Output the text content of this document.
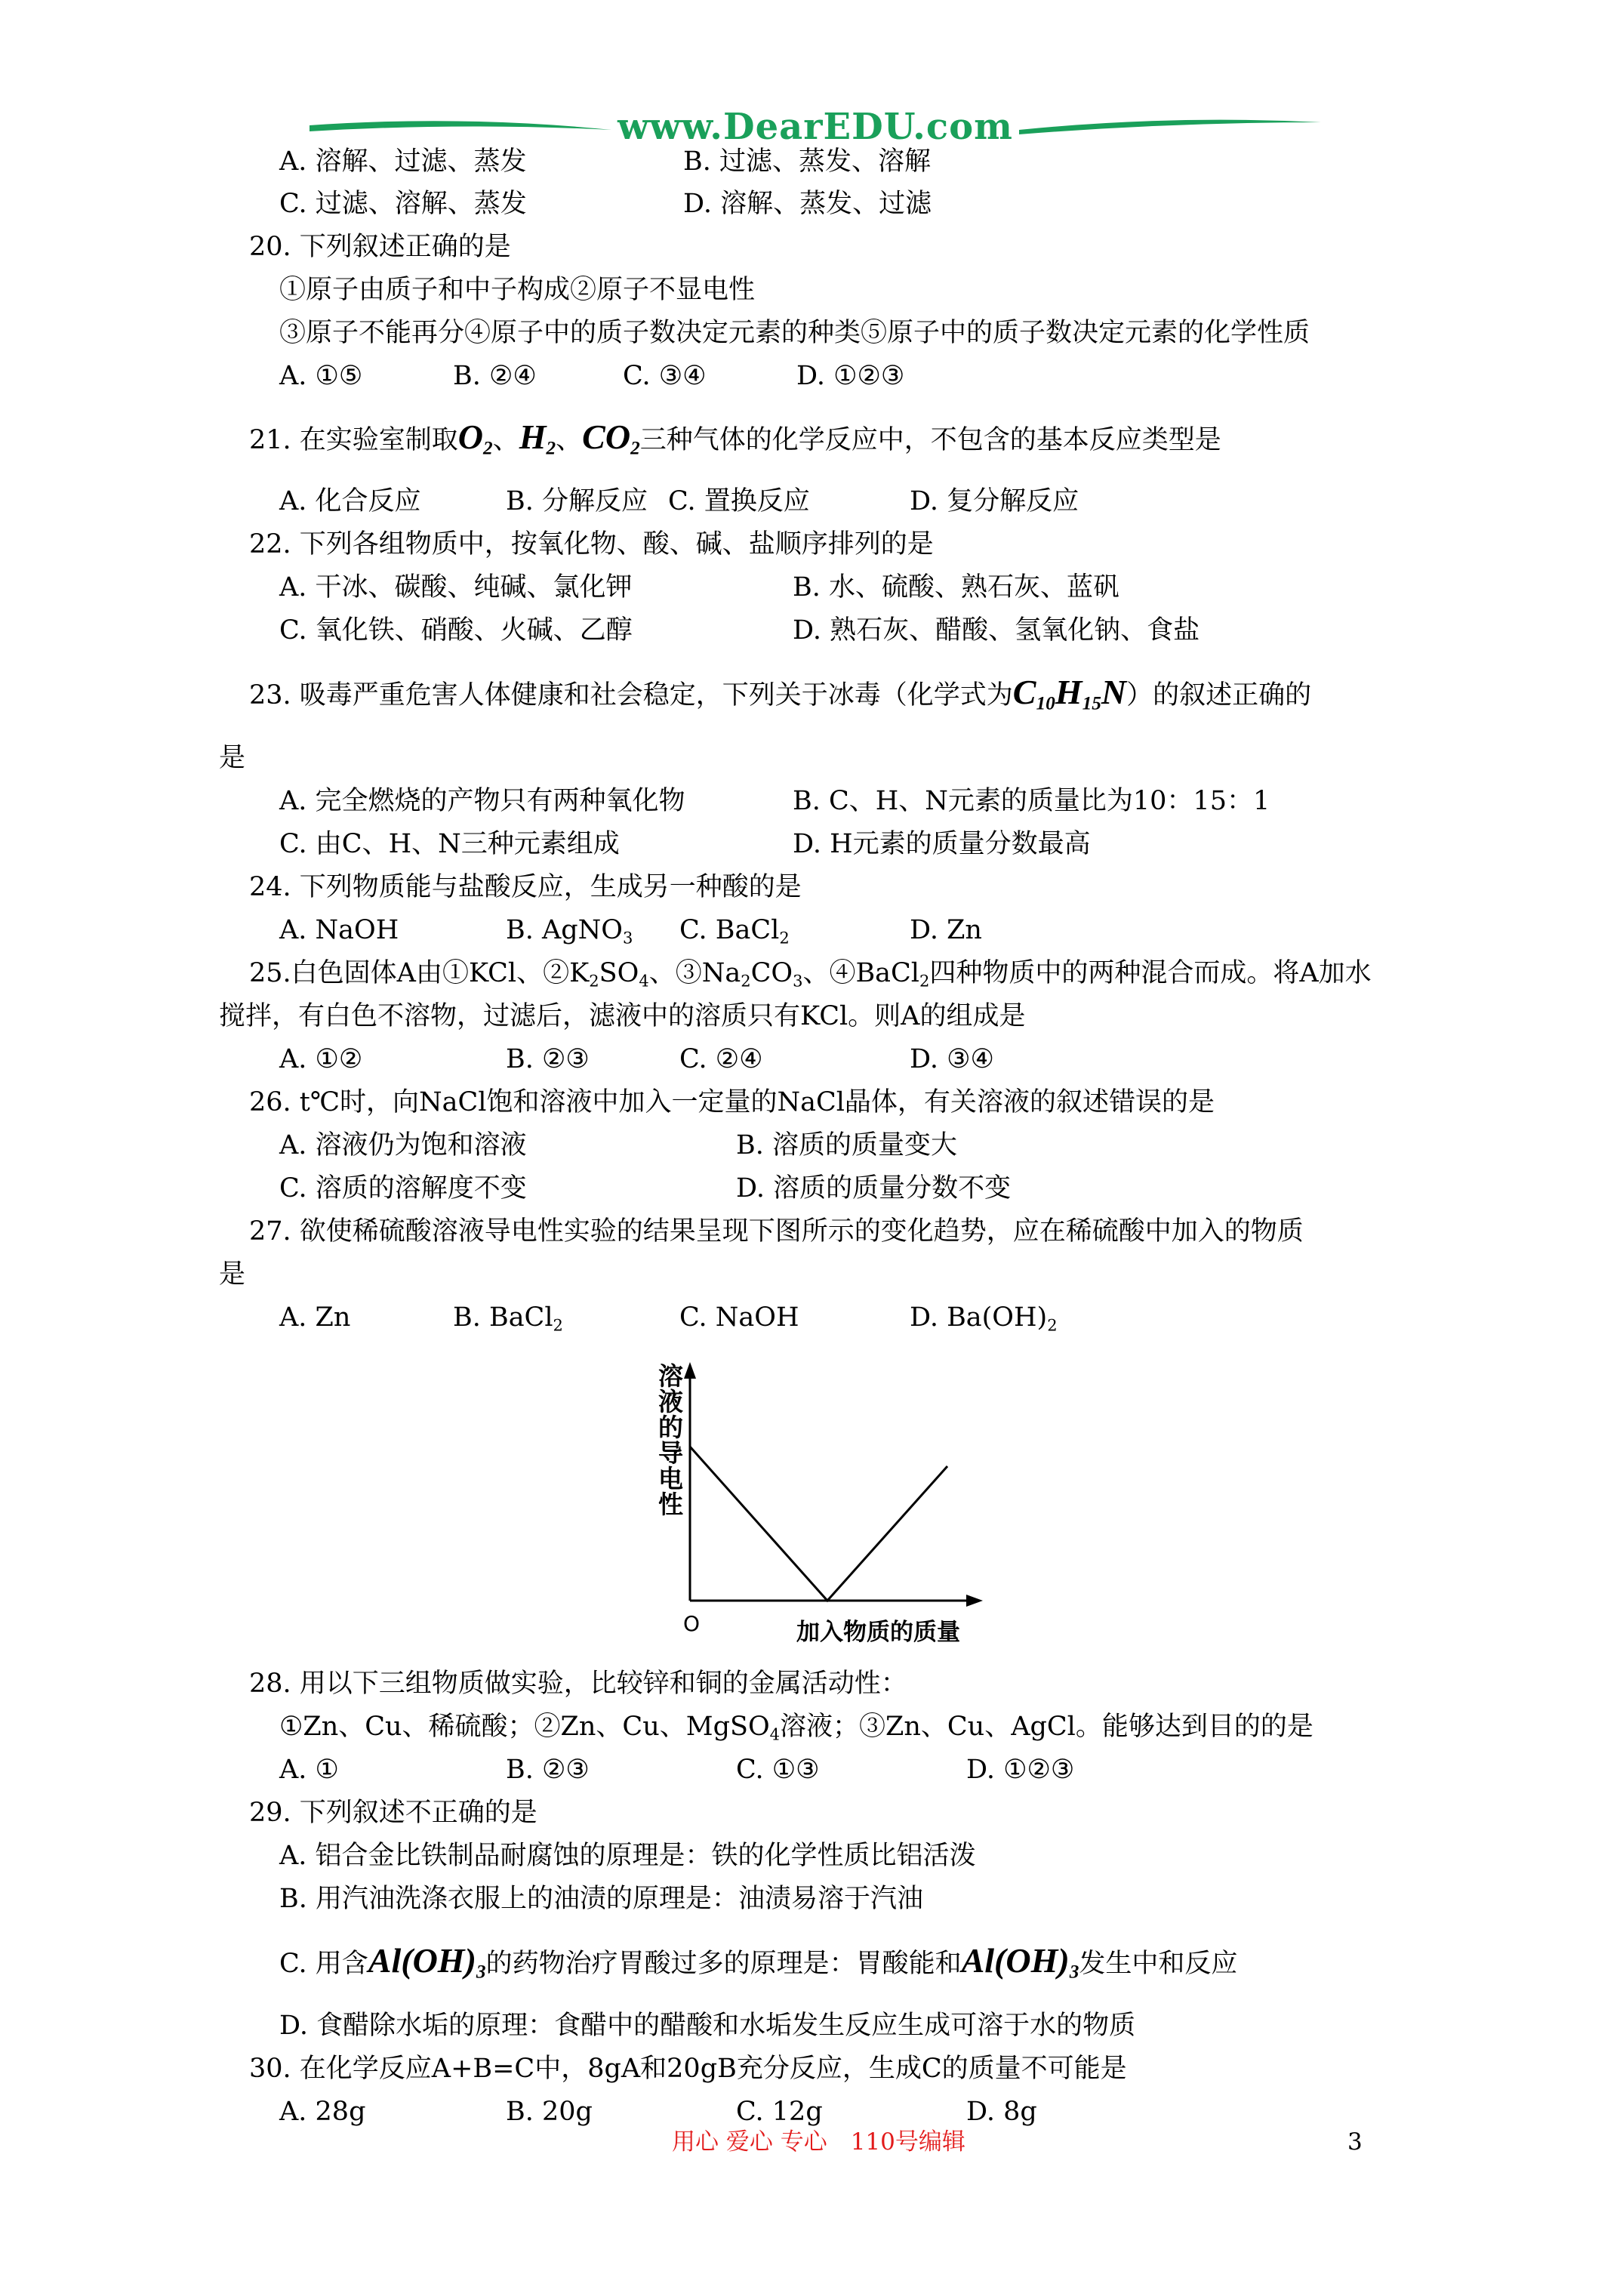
www.DearEDU.com
A. 溶解、过滤、蒸发	B. 过滤、蒸发、溶解
C. 过滤、溶解、蒸发	D. 溶解、蒸发、过滤
20. 下列叙述正确的是
①原子由质子和中子构成②原子不显电性
③原子不能再分④原子中的质子数决定元素的种类⑤原子中的质子数决定元素的化学性质
A. ①⑤	B. ②④	C. ③④	D. ①②③
21. 在实验室制取$O_2$、$H_2$、$CO_2$三种气体的化学反应中，不包含的基本反应类型是
A. 化合反应	B. 分解反应 C. 置换反应	D. 复分解反应
22. 下列各组物质中，按氧化物、酸、碱、盐顺序排列的是
A. 干冰、碳酸、纯碱、氯化钾	B. 水、硫酸、熟石灰、蓝矾
C. 氧化铁、硝酸、火碱、乙醇	D. 熟石灰、醋酸、氢氧化钠、食盐
23. 吸毒严重危害人体健康和社会稳定，下列关于冰毒（化学式为$C_{10}H_{15}N$）的叙述正确的
是
A. 完全燃烧的产物只有两种氧化物	B. C、H、N元素的质量比为10：15：1
C. 由C、H、N三种元素组成	D. H元素的质量分数最高
24. 下列物质能与盐酸反应，生成另一种酸的是
A. NaOH	B. AgNO$_3$ C. BaCl$_2$	D. Zn
25.白色固体A由①KCl、$②K_2SO_4$、$③Na_2CO_3$、④BaCl$_2$四种物质中的两种混合而成。将A加水
搅拌，有白色不溶物，过滤后，滤液中的溶质只有KCl。则A的组成是
A. ①②	B. ②③	C. ②④	D. ③④
26. t℃时，向NaCl饱和溶液中加入一定量的NaCl晶体，有关溶液的叙述错误的是
A. 溶液仍为饱和溶液	B. 溶质的质量变大
C. 溶质的溶解度不变	D. 溶质的质量分数不变
27. 欲使稀硫酸溶液导电性实验的结果呈现下图所示的变化趋势，应在稀硫酸中加入的物质
是
A. Zn	B. BaCl$_2$	C. NaOH	D. $Ba(OH)_2$
溶
液
的
导
电
性
O	加入物质的质量
28. 用以下三组物质做实验，比较锌和铜的金属活动性：
①Zn、Cu、稀硫酸；②Zn、Cu、MgSO$_4$溶液；③Zn、Cu、AgCl。能够达到目的的是
A. ①	B. ②③	C. ①③	D. ①②③
29. 下列叙述不正确的是
A. 铝合金比铁制品耐腐蚀的原理是：铁的化学性质比铝活泼
B. 用汽油洗涤衣服上的油渍的原理是：油渍易溶于汽油
C. 用含$Al(OH)_3$的药物治疗胃酸过多的原理是：胃酸能和$Al(OH)_3$发生中和反应
D. 食醋除水垢的原理：食醋中的醋酸和水垢发生反应生成可溶于水的物质
30. 在化学反应A+B=C中，8gA和20gB充分反应，生成C的质量不可能是
A. 28g	B. 20g	C. 12g	D. 8g
用心 爱心 专心　110号编辑	3
